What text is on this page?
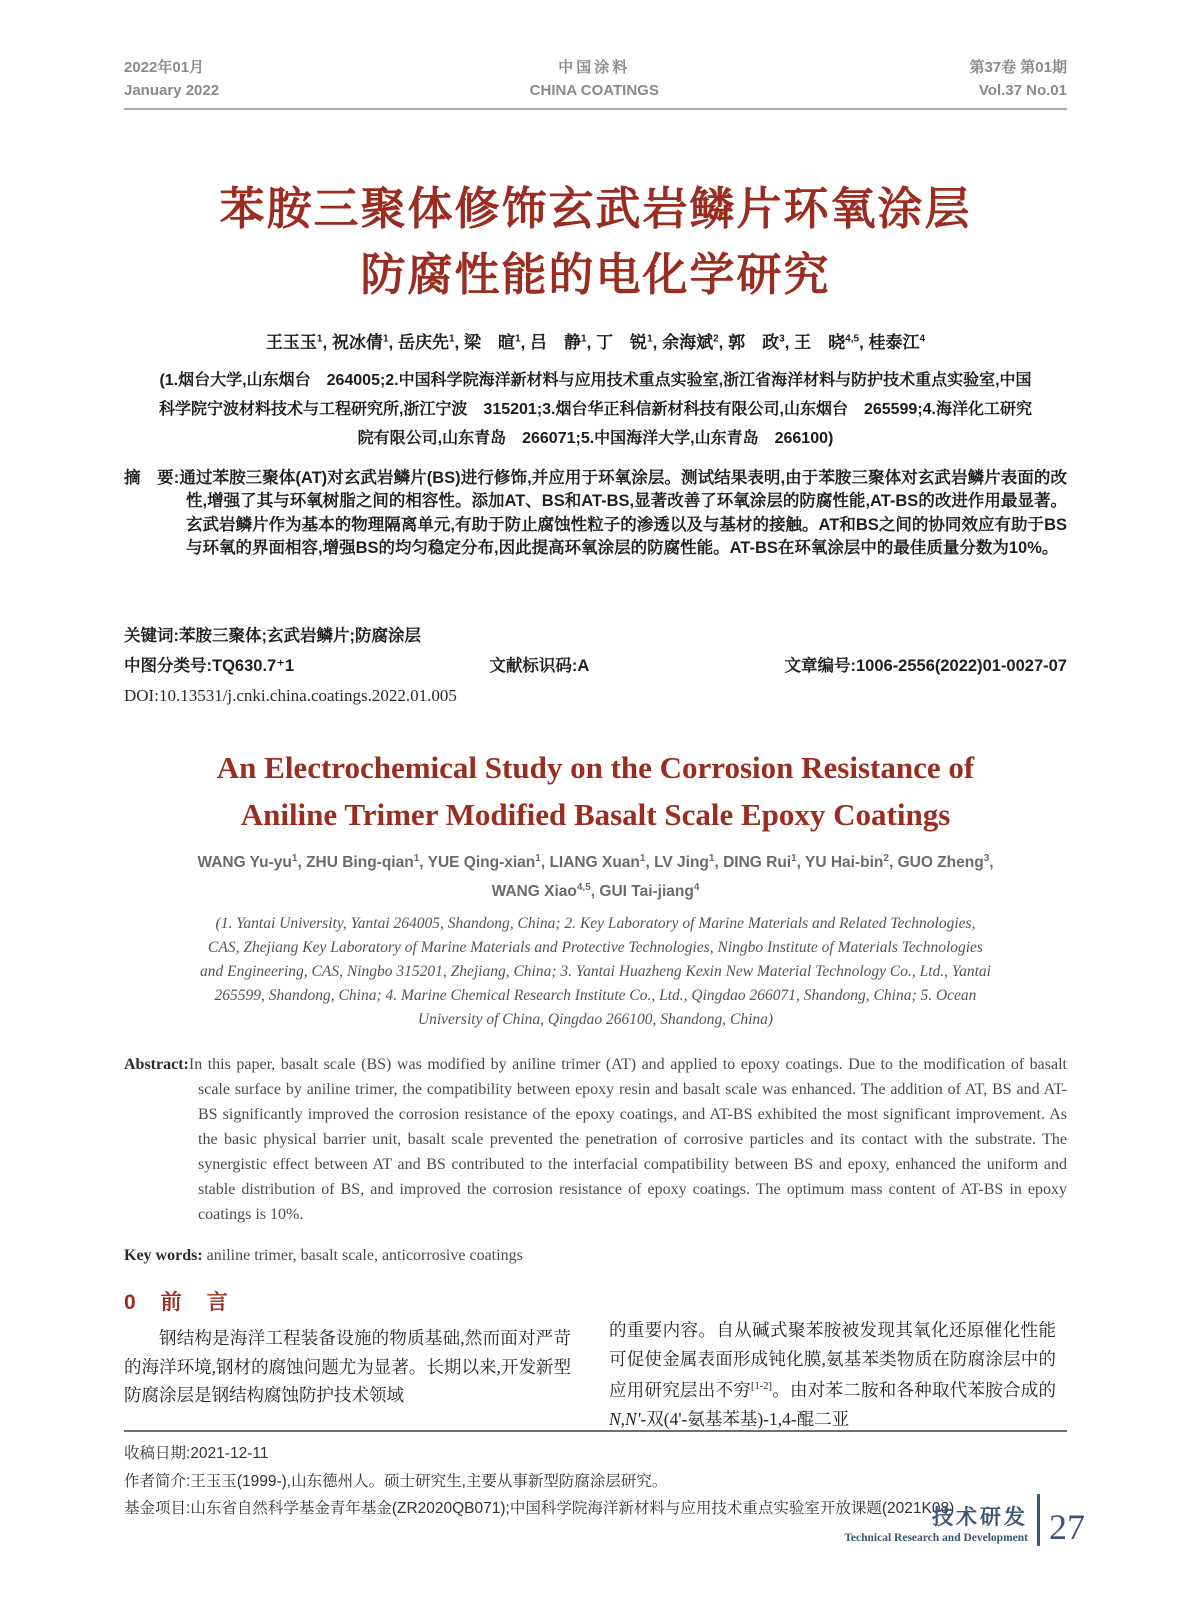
2022年01月
January 2022
中国涂料
CHINA COATINGS
第37卷 第01期
Vol.37 No.01
苯胺三聚体修饰玄武岩鳞片环氧涂层
防腐性能的电化学研究
王玉玉$^1$, 祝冰倩$^1$, 岳庆先$^1$, 梁　暄$^1$, 吕　静$^1$, 丁　锐$^1$, 余海斌$^2$, 郭　政$^3$, 王　晓$^{4,5}$, 桂泰江$^4$
(1.烟台大学,山东烟台　264005;2.中国科学院海洋新材料与应用技术重点实验室,浙江省海洋材料与防护技术重点实验室,中国
科学院宁波材料技术与工程研究所,浙江宁波　315201;3.烟台华正科信新材科技有限公司,山东烟台　265599;4.海洋化工研究
院有限公司,山东青岛　266071;5.中国海洋大学,山东青岛　266100)

摘　要:通过苯胺三聚体(AT)对玄武岩鳞片(BS)进行修饰,并应用于环氧涂层。测试结果表明,由于苯胺三聚体对玄武岩鳞片表面的改性,增强了其与环氧树脂之间的相容性。添加AT、BS和AT-BS,显著改善了环氧涂层的防腐性能,AT-BS的改进作用最显著。玄武岩鳞片作为基本的物理隔离单元,有助于防止腐蚀性粒子的渗透以及与基材的接触。AT和BS之间的协同效应有助于BS与环氧的界面相容,增强BS的均匀稳定分布,因此提高环氧涂层的防腐性能。AT-BS在环氧涂层中的最佳质量分数为10%。

关键词:苯胺三聚体;玄武岩鳞片;防腐涂层
中图分类号:TQ630.7⁺1	文献标识码:A	文章编号:1006-2556(2022)01-0027-07
DOI:10.13531/j.cnki.china.coatings.2022.01.005
An Electrochemical Study on the Corrosion Resistance of
Aniline Trimer Modified Basalt Scale Epoxy Coatings
WANG $Yu-yu^1$, ZHU Bing-qian$^1$, YUE Qing-xian$^1$, LIANG Xuan$^1$, LV Jing$^1$, DING Rui$^1$, YU Hai-bin$^2$, GUO Zheng$^3$,
WANG Xiao$^{4,5}$, GUI Tai-jiang$^4$
(1. Yantai University, Yantai 264005, Shandong, China; 2. Key Laboratory of Marine Materials and Related Technologies,
CAS, Zhejiang Key Laboratory of Marine Materials and Protective Technologies, Ningbo Institute of Materials Technologies
and Engineering, CAS, Ningbo 315201, Zhejiang, China; 3. Yantai Huazheng Kexin New Material Technology Co., Ltd., Yantai
265599, Shandong, China; 4. Marine Chemical Research Institute Co., Ltd., Qingdao 266071, Shandong, China; 5. Ocean
University of China, Qingdao 266100, Shandong, China)

Abstract:In this paper, basalt scale (BS) was modified by aniline trimer (AT) and applied to epoxy coatings. Due to the modification of basalt scale surface by aniline trimer, the compatibility between epoxy resin and basalt scale was enhanced. The addition of AT, BS and AT-BS significantly improved the corrosion resistance of the epoxy coatings, and AT-BS exhibited the most significant improvement. As the basic physical barrier unit, basalt scale prevented the penetration of corrosive particles and its contact with the substrate. The synergistic effect between AT and BS contributed to the interfacial compatibility between BS and epoxy, enhanced the uniform and stable distribution of BS, and improved the corrosion resistance of epoxy coatings. The optimum mass content of AT-BS in epoxy coatings is 10%.

Key words: aniline trimer, basalt scale, anticorrosive coatings
0　前　言

钢结构是海洋工程装备设施的物质基础,然而面对严苛的海洋环境,钢材的腐蚀问题尤为显著。长期以来,开发新型防腐涂层是钢结构腐蚀防护技术领域

的重要内容。自从碱式聚苯胺被发现其氧化还原催化性能可促使金属表面形成钝化膜,氨基苯类物质在防腐涂层中的应用研究层出不穷[1-2]。由对苯二胺和各种取代苯胺合成的N,N'-双(4'-氨基苯基)-1,4-醌二亚

收稿日期:2021-12-11
作者简介:王玉玉(1999-),山东德州人。硕士研究生,主要从事新型防腐涂层研究。
基金项目:山东省自然科学基金青年基金(ZR2020QB071);中国科学院海洋新材料与应用技术重点实验室开放课题(2021K08)
技术研发
Technical Research and Development 27
